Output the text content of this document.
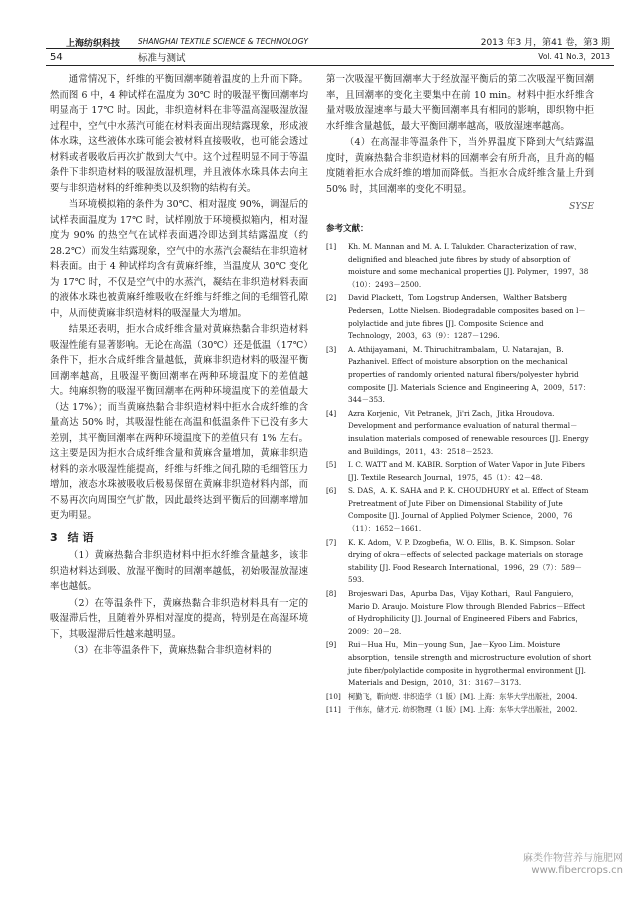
上海纺织科技 SHANGHAI TEXTILE SCIENCE & TECHNOLOGY	2013 年3 月，第41 卷，第3 期
54	标准与测试	Vol. 41 No.3，2013

通常情况下，纤维的平衡回潮率随着温度的上升而下降。然而图 6 中，4 种试样在温度为 30℃ 时的吸湿平衡回潮率均明显高于 17℃ 时。因此，非织造材料在非等温高湿吸湿放湿过程中，空气中水蒸汽可能在材料表面出现结露现象，形成液体水珠，这些液体水珠可能会被材料直接吸收，也可能会透过材料或者吸收后再次扩散到大气中。这个过程明显不同于等温条件下非织造材料的吸湿放湿机理，并且液体水珠具体去向主要与非织造材料的纤维种类以及织物的结构有关。

当环境模拟箱的条件为 30℃、相对湿度 90%，调湿后的试样表面温度为 17℃ 时，试样刚放于环境模拟箱内，相对湿度为 90% 的热空气在试样表面遇冷即达到其结露温度（约 28.2℃）而发生结露现象，空气中的水蒸汽会凝结在非织造材料表面。由于 4 种试样均含有黄麻纤维，当温度从 30℃ 变化为 17℃ 时，不仅是空气中的水蒸汽，凝结在非织造材料表面的液体水珠也被黄麻纤维吸收在纤维与纤维之间的毛细管孔隙中，从而使黄麻非织造材料的吸湿量大为增加。

结果还表明，拒水合成纤维含量对黄麻热黏合非织造材料吸湿性能有显著影响。无论在高温（30℃）还是低温（17℃）条件下，拒水合成纤维含量越低，黄麻非织造材料的吸湿平衡回潮率越高，且吸湿平衡回潮率在两种环境温度下的差值越大。纯麻织物的吸湿平衡回潮率在两种环境温度下的差值最大（达 17%）；而当黄麻热黏合非织造材料中拒水合成纤维的含量高达 50% 时，其吸湿性能在高温和低温条件下已没有多大差别，其平衡回潮率在两种环境温度下的差值只有 1% 左右。这主要是因为拒水合成纤维含量和黄麻含量增加，黄麻非织造材料的亲水吸湿性能提高，纤维与纤维之间孔隙的毛细管压力增加，液态水珠被吸收后极易保留在黄麻非织造材料内部，而不易再次向周围空气扩散，因此最终达到平衡后的回潮率增加更为明显。

3 结 语

（1）黄麻热黏合非织造材料中拒水纤维含量越多，该非织造材料达到吸、放湿平衡时的回潮率越低，初始吸湿放湿速率也越低。

（2）在等温条件下，黄麻热黏合非织造材料具有一定的吸湿滞后性，且随着外界相对湿度的提高，特别是在高湿环境下，其吸湿滞后性越来越明显。

（3）在非等温条件下，黄麻热黏合非织造材料的

第一次吸湿平衡回潮率大于经放湿平衡后的第二次吸湿平衡回潮率，且回潮率的变化主要集中在前 10 min。材料中拒水纤维含量对吸放湿速率与最大平衡回潮率具有相同的影响，即织物中拒水纤维含量越低，最大平衡回潮率越高，吸放湿速率越高。

（4）在高湿非等温条件下，当外界温度下降到大气结露温度时，黄麻热黏合非织造材料的回潮率会有所升高，且升高的幅度随着拒水合成纤维的增加而降低。当拒水合成纤维含量上升到 50% 时，其回潮率的变化不明显。

SYSE
参考文献：
[1]	Kh. M. Mannan and M. A. I. Talukder. Characterization of raw、delignified and bleached jute fibres by study of absorption of moisture and some mechanical properties [J]. Polymer，1997，38（10）：2493－2500.
[2]	David Plackett，Tom Logstrup Andersen，Walther Batsberg Pedersen，Lotte Nielsen. Biodegradable composites based on l－polylactide and jute fibres [J]. Composite Science and Technology，2003，63（9）：1287－1296.
[3]	A. Athijayamani，M. Thiruchitrambalam，U. Natarajan，B. Pazhanivel. Effect of moisture absorption on the mechanical properties of randomly oriented natural fibers/polyester hybrid composite [J]. Materials Science and Engineering A，2009，517：344－353.
[4]	Azra Korjenic，Vit Petranek，Ji'ri Zach，Jitka Hroudova. Development and performance evaluation of natural thermal－insulation materials composed of renewable resources [J]. Energy and Buildings，2011，43：2518－2523.
[5]	I. C. WATT and M. KABIR. Sorption of Water Vapor in Jute Fibers [J]. Textile Research Journal，1975，45（1）：42－48.
[6]	S. DAS，A. K. SAHA and P. K. CHOUDHURY et al. Effect of Steam Pretreatment of Jute Fiber on Dimensional Stability of Jute Composite [J]. Journal of Applied Polymer Science，2000，76（11）：1652－1661.
[7]	K. K. Adom，V. P. Dzogbefia，W. O. Ellis，B. K. Simpson. Solar drying of okra－effects of selected package materials on storage stability [J]. Food Research International，1996，29（7）：589－593.
[8]	Brojeswari Das，Apurba Das，Vijay Kothari，Raul Fanguiero，Mario D. Araujo. Moisture Flow through Blended Fabrics－Effect of Hydrophilicity [J]. Journal of Engineered Fibers and Fabrics，2009：20－28.
[9]	Rui－Hua Hu，Min－young Sun，Jae－Kyoo Lim. Moisture absorption，tensile strength and microstructure evolution of short jute fiber/polylactide composite in hygrothermal environment [J]. Materials and Design，2010，31：3167－3173.
[10]	柯勤飞，靳向煜. 非织造学（1 版）[M]. 上海：东华大学出版社，2004.
[11]	于伟东，储才元. 纺织物理（1 版）[M]. 上海：东华大学出版社，2002.
麻类作物营养与施肥网
www.fibercrops.cn
